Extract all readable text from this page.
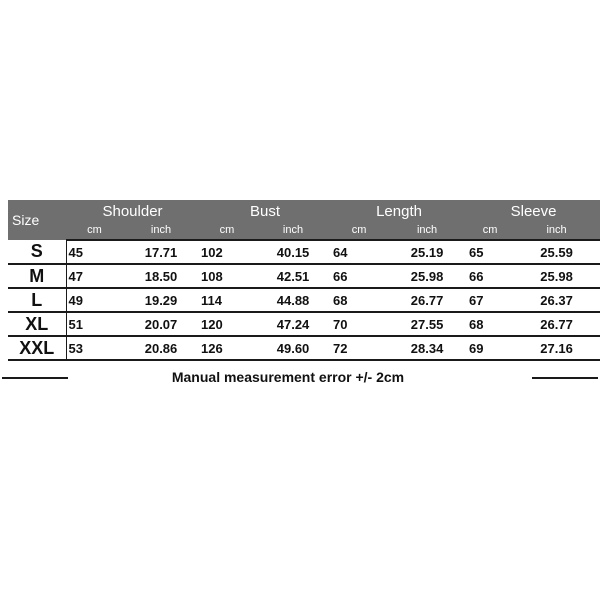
Size	Shoulder		Bust		Length		Sleeve	
	cm	inch	cm	inch	cm	inch	cm	inch
S	45	17.71	102	40.15	64	25.19	65	25.59
M	47	18.50	108	42.51	66	25.98	66	25.98
L	49	19.29	114	44.88	68	26.77	67	26.37
XL	51	20.07	120	47.24	70	27.55	68	26.77
XXL	53	20.86	126	49.60	72	28.34	69	27.16
Manual measurement error +/- 2cm
